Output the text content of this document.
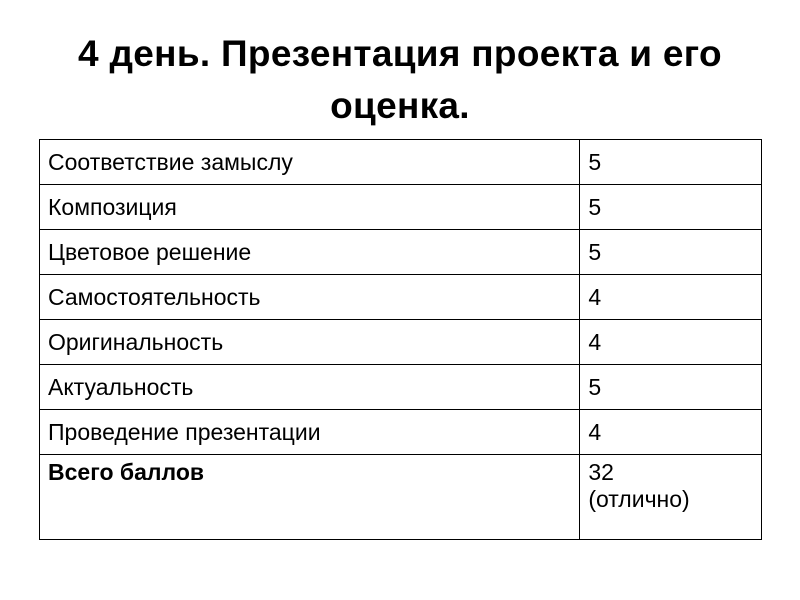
4 день. Презентация проекта и его оценка.
Соответствие замыслу	5
Композиция	5
Цветовое решение	5
Самостоятельность	4
Оригинальность	4
Актуальность	5
Проведение презентации	4
Всего баллов	32
(отлично)
